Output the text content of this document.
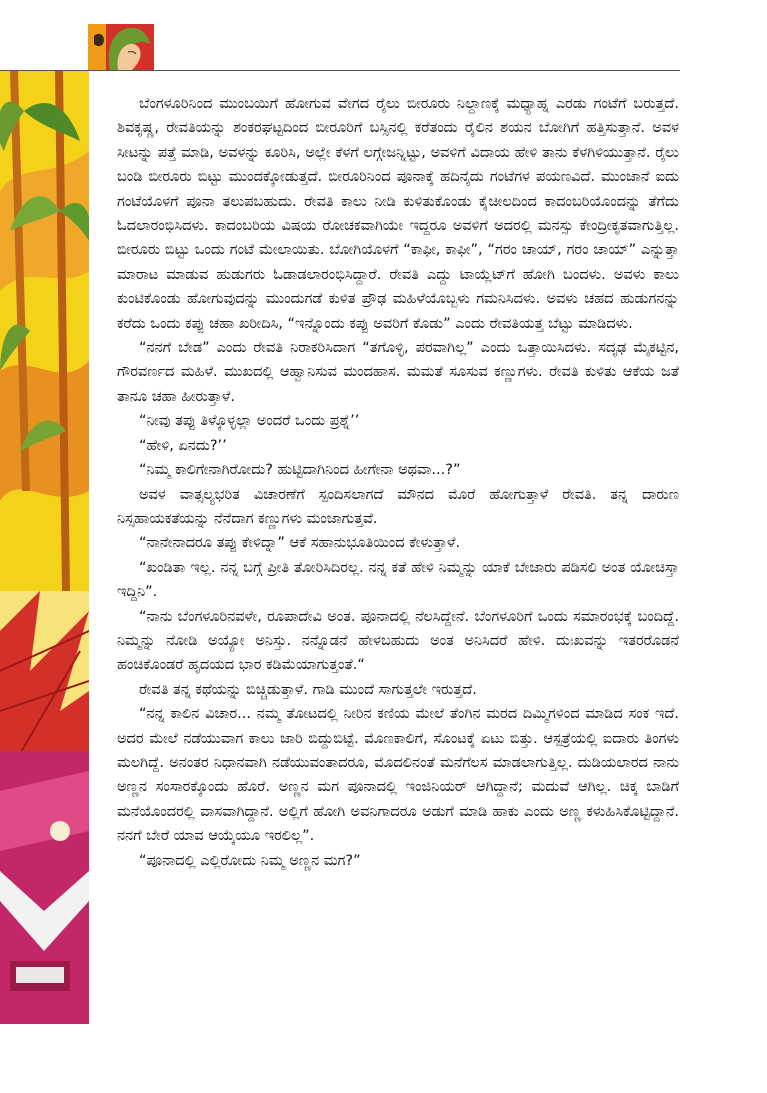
ಬೆಂಗಳೂರಿನಿಂದ ಮುಂಬಯಿಗೆ ಹೋಗುವ ವೇಗದ ರೈಲು ಬೀರೂರು ನಿಲ್ದಾಣಕ್ಕೆ ಮಧ್ಯಾಹ್ನ ಎರಡು ಗಂಟೆಗೆ ಬರುತ್ತದೆ. ಶಿವಕೃಷ್ಣ, ರೇವತಿಯನ್ನು ಶಂಕರಘಟ್ಟದಿಂದ ಬೀರೂರಿಗೆ ಬಸ್ಸಿನಲ್ಲಿ ಕರೆತಂದು ರೈಲಿನ ಶಯನ ಬೋಗಿಗೆ ಹತ್ತಿಸುತ್ತಾನೆ. ಅವಳ ಸೀಟನ್ನು ಪತ್ತೆ ಮಾಡಿ, ಅವಳನ್ನು ಕೂರಿಸಿ, ಅಲ್ಲೇ ಕೆಳಗೆ ಲಗ್ಗೇಜನ್ನಿಟ್ಟು, ಅವಳಿಗೆ ವಿದಾಯ ಹೇಳಿ ತಾನು ಕೆಳಗಿಳಿಯುತ್ತಾನೆ. ರೈಲು ಬಂಡಿ ಬೀರೂರು ಬಿಟ್ಟು ಮುಂದಕ್ಕೋಡುತ್ತದೆ. ಬೀರೂರಿನಿಂದ ಪೂನಾಕ್ಕೆ ಹದಿನೈದು ಗಂಟೆಗಳ ಪಯಣವಿದೆ. ಮುಂಜಾನೆ ಐದು ಗಂಟೆಯೊಳಗೆ ಪೂನಾ ತಲುಪಬಹುದು. ರೇವತಿ ಕಾಲು ನೀಡಿ ಕುಳಿತುಕೊಂಡು ಕೈಚೀಲದಿಂದ ಕಾದಂಬರಿಯೊಂದನ್ನು ತೆಗೆದು ಓದಲಾರಂಭಿಸಿದಳು. ಕಾದಂಬರಿಯ ವಿಷಯ ರೋಚಕವಾಗಿಯೇ ಇದ್ದರೂ ಅವಳಿಗೆ ಅದರಲ್ಲಿ ಮನಸ್ಸು ಕೇಂದ್ರೀಕೃತವಾಗುತ್ತಿಲ್ಲ. ಬೀರೂರು ಬಿಟ್ಟು ಒಂದು ಗಂಟೆ ಮೇಲಾಯಿತು. ಬೋಗಿಯೊಳಗೆ “ಕಾಫೀ, ಕಾಫೀ”, “ಗರಂ ಚಾಯ್, ಗರಂ ಚಾಯ್” ಎನ್ನುತ್ತಾ ಮಾರಾಟ ಮಾಡುವ ಹುಡುಗರು ಓಡಾಡಲಾರಂಭಿಸಿದ್ದಾರೆ. ರೇವತಿ ಎದ್ದು ಟಾಯ್ಲೆಟ್‌ಗೆ ಹೋಗಿ ಬಂದಳು. ಅವಳು ಕಾಲು ಕುಂಟಿಕೊಂಡು ಹೋಗುವುದನ್ನು ಮುಂದುಗಡೆ ಕುಳಿತ ಪ್ರೌಢ ಮಹಿಳೆಯೊಬ್ಬಳು ಗಮನಿಸಿದಳು. ಅವಳು ಚಹದ ಹುಡುಗನನ್ನು ಕರೆದು ಒಂದು ಕಪ್ಪು ಚಹಾ ಖರೀದಿಸಿ, “ಇನ್ನೊಂದು ಕಪ್ಪು ಅವರಿಗೆ ಕೊಡು” ಎಂದು ರೇವತಿಯತ್ತ ಬೆಟ್ಟು ಮಾಡಿದಳು.

“ನನಗೆ ಬೇಡ” ಎಂದು ರೇವತಿ ನಿರಾಕರಿಸಿದಾಗ “ತಗೊಳ್ಳಿ, ಪರವಾಗಿಲ್ಲ” ಎಂದು ಒತ್ತಾಯಿಸಿದಳು. ಸದೃಢ ಮೈಕಟ್ಟಿನ, ಗೌರವರ್ಣದ ಮಹಿಳೆ. ಮುಖದಲ್ಲಿ ಆಹ್ವಾನಿಸುವ ಮಂದಹಾಸ. ಮಮತೆ ಸೂಸುವ ಕಣ್ಣುಗಳು. ರೇವತಿ ಕುಳಿತು ಆಕೆಯ ಜತೆ ತಾನೂ ಚಹಾ ಹೀರುತ್ತಾಳೆ.

“ನೀವು ತಪ್ಪು ತಿಳ್ಕೊಳ್ಳಲ್ಲಾ ಅಂದರೆ ಒಂದು ಪ್ರಶ್ನೆ’’

“ಹೇಳಿ, ಏನದು?’’

“ನಿಮ್ಮ ಕಾಲಿಗೇನಾಗಿರೋದು? ಹುಟ್ಟಿದಾಗಿನಿಂದ ಹೀಗೇನಾ ಅಥವಾ...?”

ಅವಳ ವಾತ್ಸಲ್ಯಭರಿತ ವಿಚಾರಣೆಗೆ ಸ್ಪಂದಿಸಲಾಗದೆ ಮೌನದ ಮೊರೆ ಹೋಗುತ್ತಾಳೆ ರೇವತಿ. ತನ್ನ ದಾರುಣ ನಿಸ್ಸಹಾಯಕತೆಯನ್ನು ನೆನೆದಾಗ ಕಣ್ಣುಗಳು ಮಂಜಾಗುತ್ತವೆ.

“ನಾನೇನಾದರೂ ತಪ್ಪು ಕೇಳಿದ್ನಾ” ಆಕೆ ಸಹಾನುಭೂತಿಯಿಂದ ಕೇಳುತ್ತಾಳೆ.

“ಖಂಡಿತಾ ಇಲ್ಲ. ನನ್ನ ಬಗ್ಗೆ ಪ್ರೀತಿ ತೋರಿಸಿದಿರಲ್ಲ. ನನ್ನ ಕತೆ ಹೇಳಿ ನಿಮ್ಮನ್ನು ಯಾಕೆ ಬೇಜಾರು ಪಡಿಸಲಿ ಅಂತ ಯೋಚಿಸ್ತಾ ಇದ್ದಿನಿ”.

“ನಾನು ಬೆಂಗಳೂರಿನವಳೇ, ರೂಪಾದೇವಿ ಅಂತ. ಪೂನಾದಲ್ಲಿ ನೆಲಸಿದ್ದೇನೆ. ಬೆಂಗಳೂರಿಗೆ ಒಂದು ಸಮಾರಂಭಕ್ಕೆ ಬಂದಿದ್ದೆ. ನಿಮ್ಮನ್ನು ನೋಡಿ ಅಯ್ಯೋ ಅನಿಸ್ತು. ನನ್ನೊಡನೆ ಹೇಳಬಹುದು ಅಂತ ಅನಿಸಿದರೆ ಹೇಳಿ. ದುಃಖವನ್ನು ಇತರರೊಡನೆ ಹಂಚಿಕೊಂಡರೆ ಹೃದಯದ ಭಾರ ಕಡಿಮೆಯಾಗುತ್ತಂತೆ.“

ರೇವತಿ ತನ್ನ ಕಥೆಯನ್ನು ಬಿಚ್ಚಿಡುತ್ತಾಳೆ. ಗಾಡಿ ಮುಂದೆ ಸಾಗುತ್ತಲೇ ಇರುತ್ತದೆ.

“ನನ್ನ ಕಾಲಿನ ವಿಚಾರ... ನಮ್ಮ ತೋಟದಲ್ಲಿ ನೀರಿನ ಕಣಿಯ ಮೇಲೆ ತೆಂಗಿನ ಮರದ ದಿಮ್ಮಿಗಳಿಂದ ಮಾಡಿದ ಸಂಕ ಇದೆ. ಅದರ ಮೇಲೆ ನಡೆಯುವಾಗ ಕಾಲು ಜಾರಿ ಬಿದ್ದುಬಿಟ್ಟೆ. ಮೊಣಕಾಲಿಗೆ, ಸೊಂಟಕ್ಕೆ ಏಟು ಬಿತ್ತು. ಆಸ್ಪತ್ರೆಯಲ್ಲಿ ಐದಾರು ತಿಂಗಳು ಮಲಗಿದ್ದೆ. ಅನಂತರ ನಿಧಾನವಾಗಿ ನಡೆಯುವಂತಾದರೂ, ಮೊದಲಿನಂತೆ ಮನೆಗೆಲಸ ಮಾಡಲಾಗುತ್ತಿಲ್ಲ. ದುಡಿಯಲಾರದ ನಾನು ಅಣ್ಣನ ಸಂಸಾರಕ್ಕೊಂದು ಹೊರೆ. ಅಣ್ಣನ ಮಗ ಪೂನಾದಲ್ಲಿ ಇಂಜಿನಿಯರ್ ಆಗಿದ್ದಾನೆ; ಮದುವೆ ಆಗಿಲ್ಲ. ಚಿಕ್ಕ ಬಾಡಿಗೆ ಮನೆಯೊಂದರಲ್ಲಿ ವಾಸವಾಗಿದ್ದಾನೆ. ಅಲ್ಲಿಗೆ ಹೋಗಿ ಅವನಿಗಾದರೂ ಅಡುಗೆ ಮಾಡಿ ಹಾಕು ಎಂದು ಅಣ್ಣ ಕಳುಹಿಸಿಕೊಟ್ಟಿದ್ದಾನೆ. ನನಗೆ ಬೇರೆ ಯಾವ ಆಯ್ಕೆಯೂ ಇರಲಿಲ್ಲ”.

“ಪೂನಾದಲ್ಲಿ ಎಲ್ಲಿರೋದು ನಿಮ್ಮ ಅಣ್ಣನ ಮಗ?”
